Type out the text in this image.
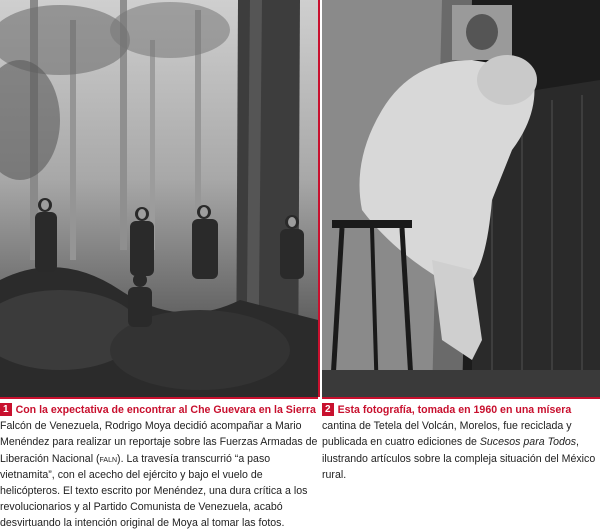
1 Con la expectativa de encontrar al Che Guevara en la Sierra Falcón de Venezuela, Rodrigo Moya decidió acompañar a Mario Menéndez para realizar un reportaje sobre las Fuerzas Armadas de Liberación Nacional (faln). La travesía transcurrió “a paso vietnamita”, con el acecho del ejército y bajo el vuelo de helicópteros. El texto escrito por Menéndez, una dura crítica a los revolucionarios y al Partido Comunista de Venezuela, acabó desvirtuando la intención original de Moya al tomar las fotos.
2 Esta fotografía, tomada en 1960 en una mísera cantina de Tetela del Volcán, Morelos, fue reciclada y publicada en cuatro ediciones de Sucesos para Todos, ilustrando artículos sobre la compleja situación del México rural.
